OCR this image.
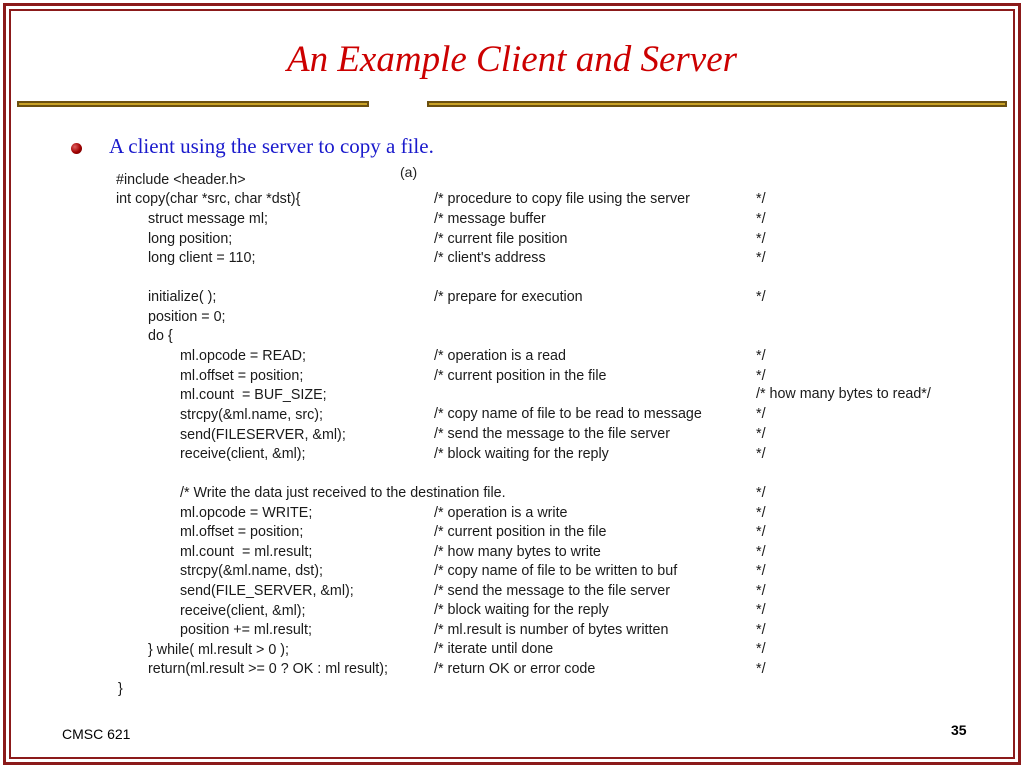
An Example Client and Server
A client using the server to copy a file.
(a)
#include <header.h>
int copy(char *src, char *dst){	/* procedure to copy file using the server	*/
struct message ml;	/* message buffer	*/
long position;	/* current file position	*/
long client = 110;	/* client's address	*/
initialize( );	/* prepare for execution	*/
position = 0;
do {
ml.opcode = READ;	/* operation is a read	*/
ml.offset = position;	/* current position in the file	*/
ml.count  = BUF_SIZE;	/* how many bytes to read*/
strcpy(&ml.name, src);	/* copy name of file to be read to message	*/
send(FILESERVER, &ml);	/* send the message to the file server	*/
receive(client, &ml);	/* block waiting for the reply	*/
/* Write the data just received to the destination file.	*/
ml.opcode = WRITE;	/* operation is a write	*/
ml.offset = position;	/* current position in the file	*/
ml.count  = ml.result;	/* how many bytes to write	*/
strcpy(&ml.name, dst);	/* copy name of file to be written to buf	*/
send(FILE_SERVER, &ml);	/* send the message to the file server	*/
receive(client, &ml);	/* block waiting for the reply	*/
position += ml.result;	/* ml.result is number of bytes written	*/
} while( ml.result > 0 );	/* iterate until done	*/
return(ml.result >= 0 ? OK : ml result);	/* return OK or error code	*/
}
CMSC 621	35
